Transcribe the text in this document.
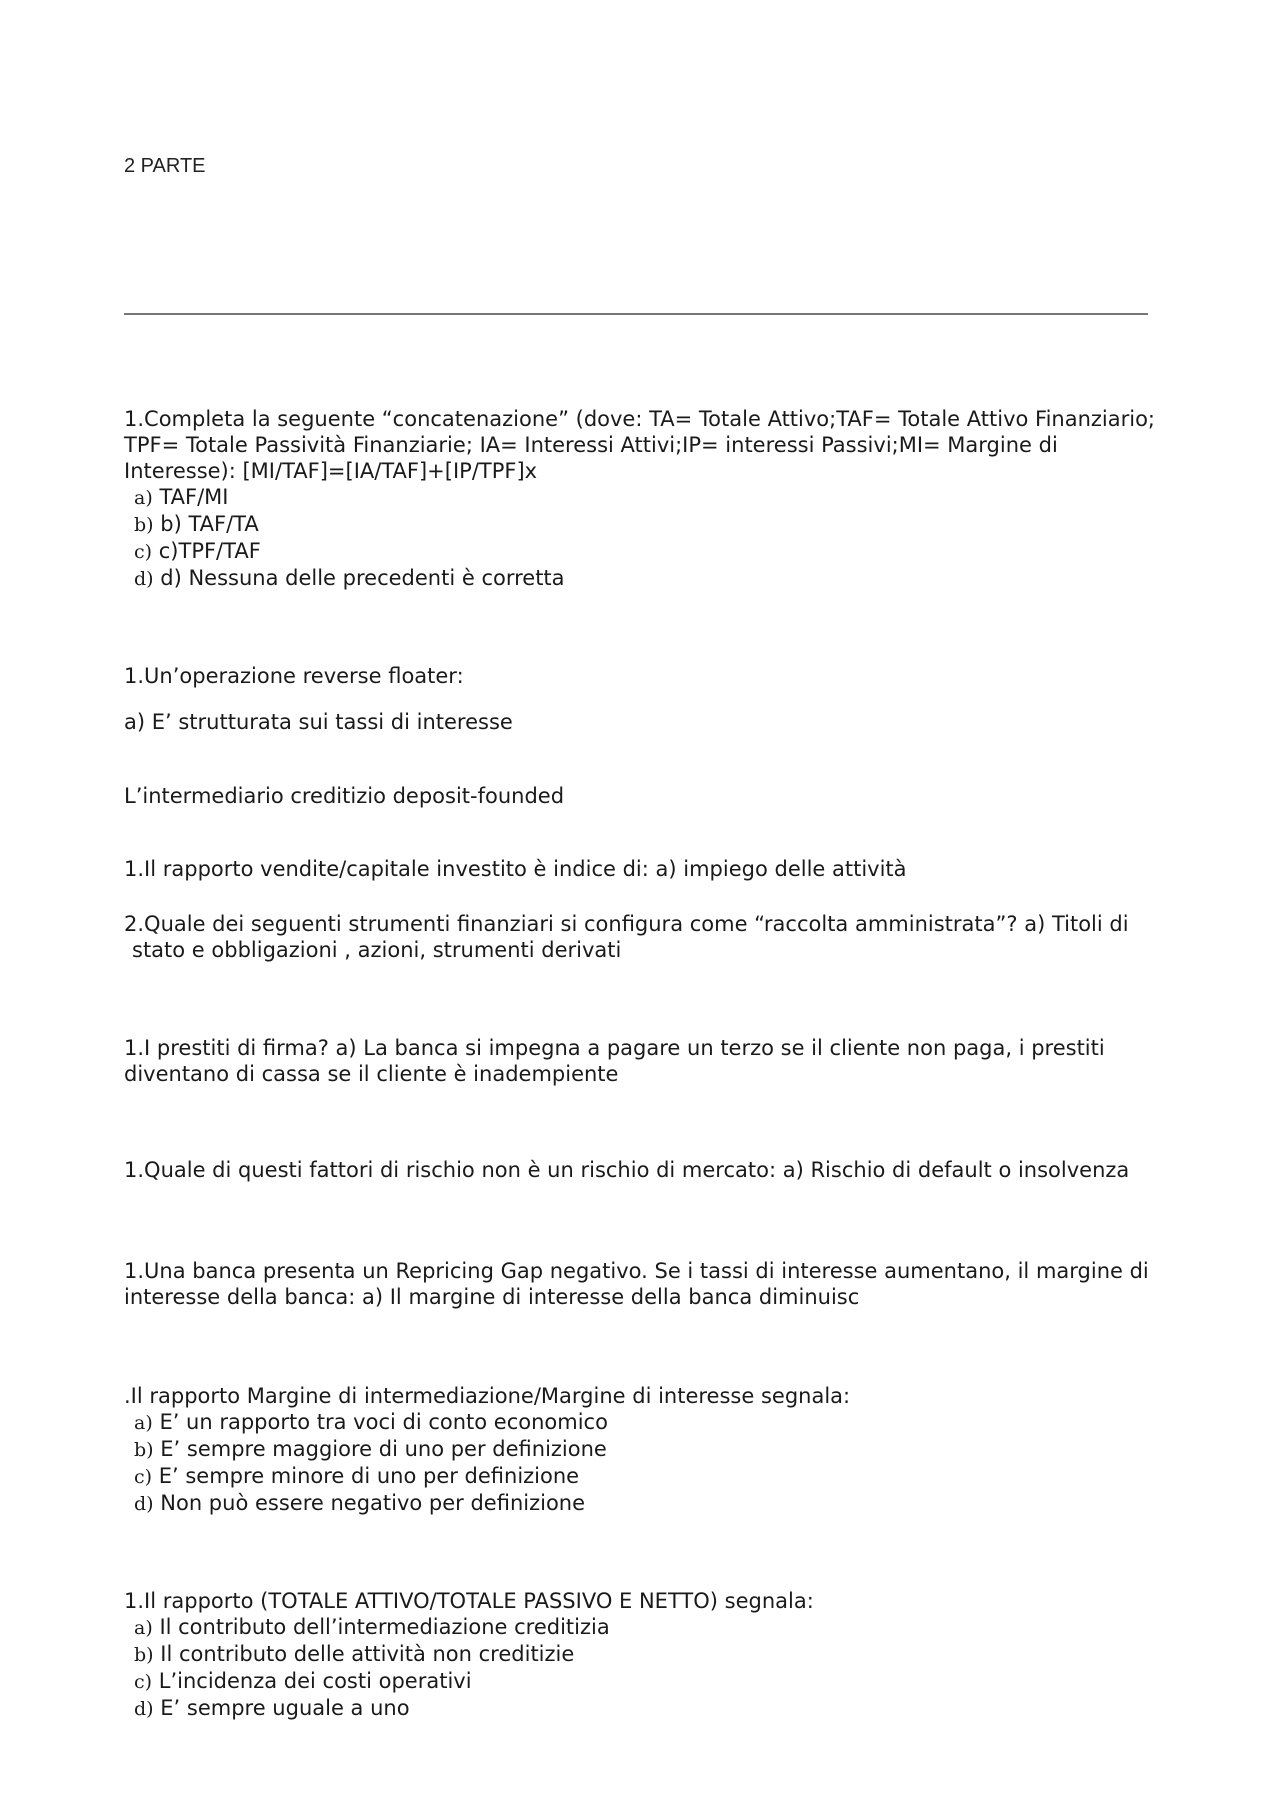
2 PARTE

1.Completa la seguente “concatenazione” (dove: TA= Totale Attivo;TAF= Totale Attivo Finanziario;

TPF= Totale Passività Finanziarie; IA= Interessi Attivi;IP= interessi Passivi;MI= Margine di

Interesse): [MI/TAF]=[IA/TAF]+[IP/TPF]x

a) TAF/MI

b) b) TAF/TA

c) c)TPF/TAF

d) d) Nessuna delle precedenti è corretta

1.Un’operazione reverse floater:

a) E’ strutturata sui tassi di interesse

L’intermediario creditizio deposit-founded

1.Il rapporto vendite/capitale investito è indice di: a) impiego delle attività

2.Quale dei seguenti strumenti finanziari si configura come “raccolta amministrata”? a) Titoli di

stato e obbligazioni , azioni, strumenti derivati

1.I prestiti di firma? a) La banca si impegna a pagare un terzo se il cliente non paga, i prestiti

diventano di cassa se il cliente è inadempiente

1.Quale di questi fattori di rischio non è un rischio di mercato: a) Rischio di default o insolvenza

1.Una banca presenta un Repricing Gap negativo. Se i tassi di interesse aumentano, il margine di

interesse della banca: a) Il margine di interesse della banca diminuisc

.Il rapporto Margine di intermediazione/Margine di interesse segnala:

a) E’ un rapporto tra voci di conto economico

b) E’ sempre maggiore di uno per definizione

c) E’ sempre minore di uno per definizione

d) Non può essere negativo per definizione

1.Il rapporto (TOTALE ATTIVO/TOTALE PASSIVO E NETTO) segnala:

a) Il contributo dell’intermediazione creditizia

b) Il contributo delle attività non creditizie

c) L’incidenza dei costi operativi

d) E’ sempre uguale a uno
